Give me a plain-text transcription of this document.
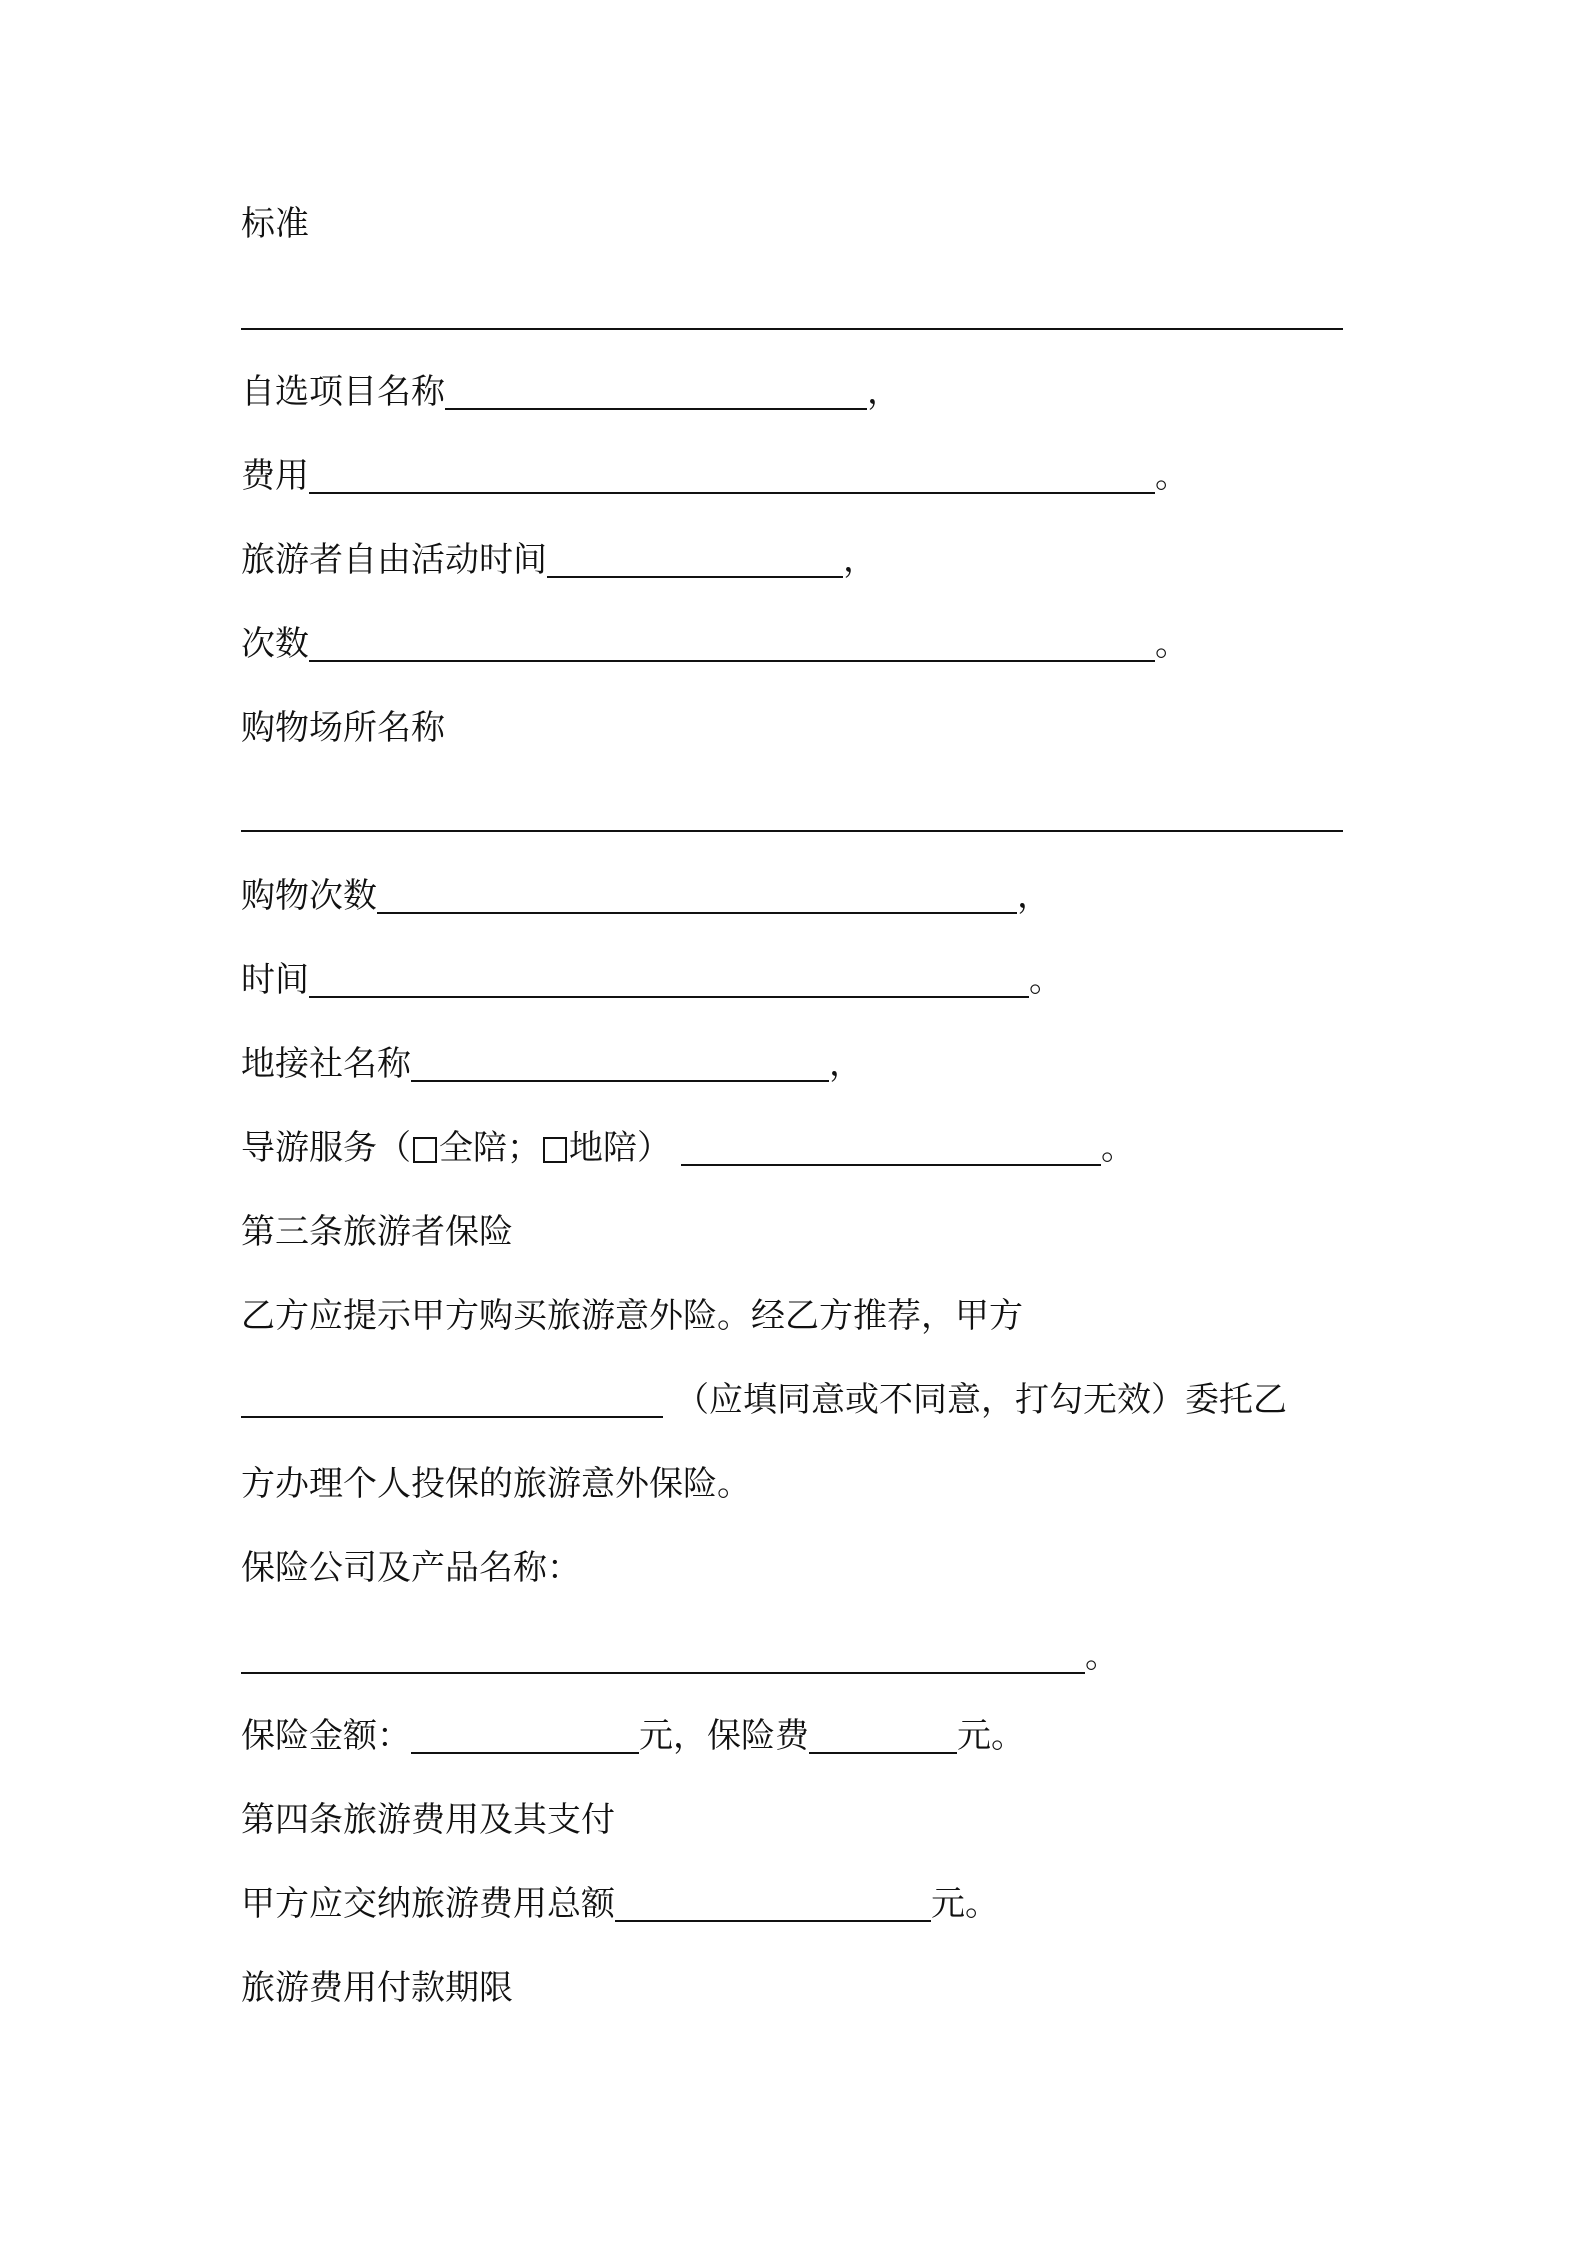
标准
自选项目名称	，
费用	。
旅游者自由活动时间	，
次数	。
购物场所名称
购物次数	，
时间	。
地接社名称	，
导游服务（ 全陪； 地陪）	。
第三条旅游者保险
乙方应提示甲方购买旅游意外险。经乙方推荐，甲方
（应填同意或不同意，打勾无效）委托乙
方办理个人投保的旅游意外保险。
保险公司及产品名称：
。
保险金额：	元，保险费	元。
第四条旅游费用及其支付
甲方应交纳旅游费用总额	元。
旅游费用付款期限
